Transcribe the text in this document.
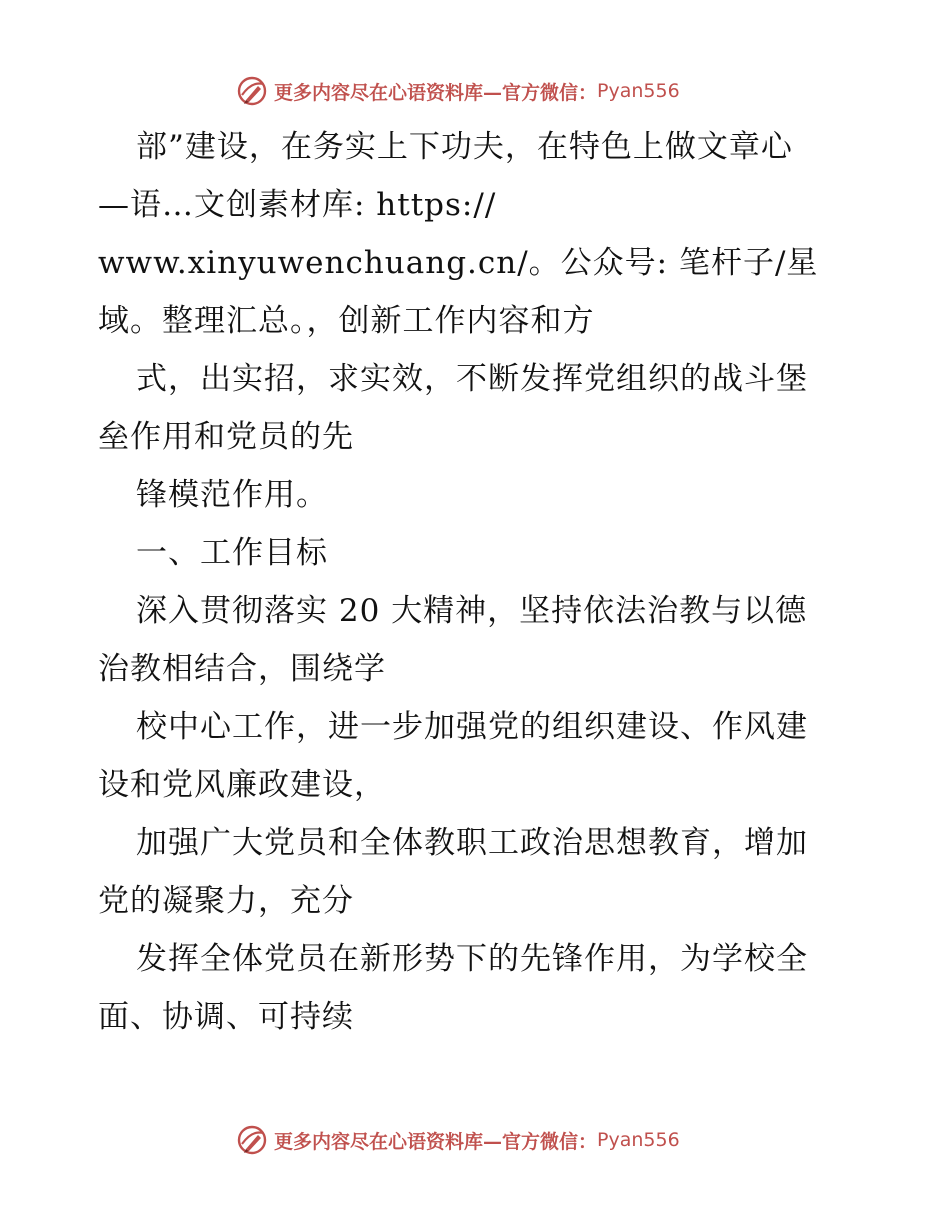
更多内容尽在心语资料库—官方微信： Pyan556
部”建设，在务实上下功夫，在特色上做文章心
—语…文创素材库: https://
www.xinyuwenchuang.cn/。公众号: 笔杆子/星
域。整理汇总。，创新工作内容和方
式，出实招，求实效，不断发挥党组织的战斗堡
垒作用和党员的先
锋模范作用。
一、工作目标
深入贯彻落实 20 大精神，坚持依法治教与以德
治教相结合，围绕学
校中心工作，进一步加强党的组织建设、作风建
设和党风廉政建设，
加强广大党员和全体教职工政治思想教育，增加
党的凝聚力，充分
发挥全体党员在新形势下的先锋作用，为学校全
面、协调、可持续
更多内容尽在心语资料库—官方微信： Pyan556
